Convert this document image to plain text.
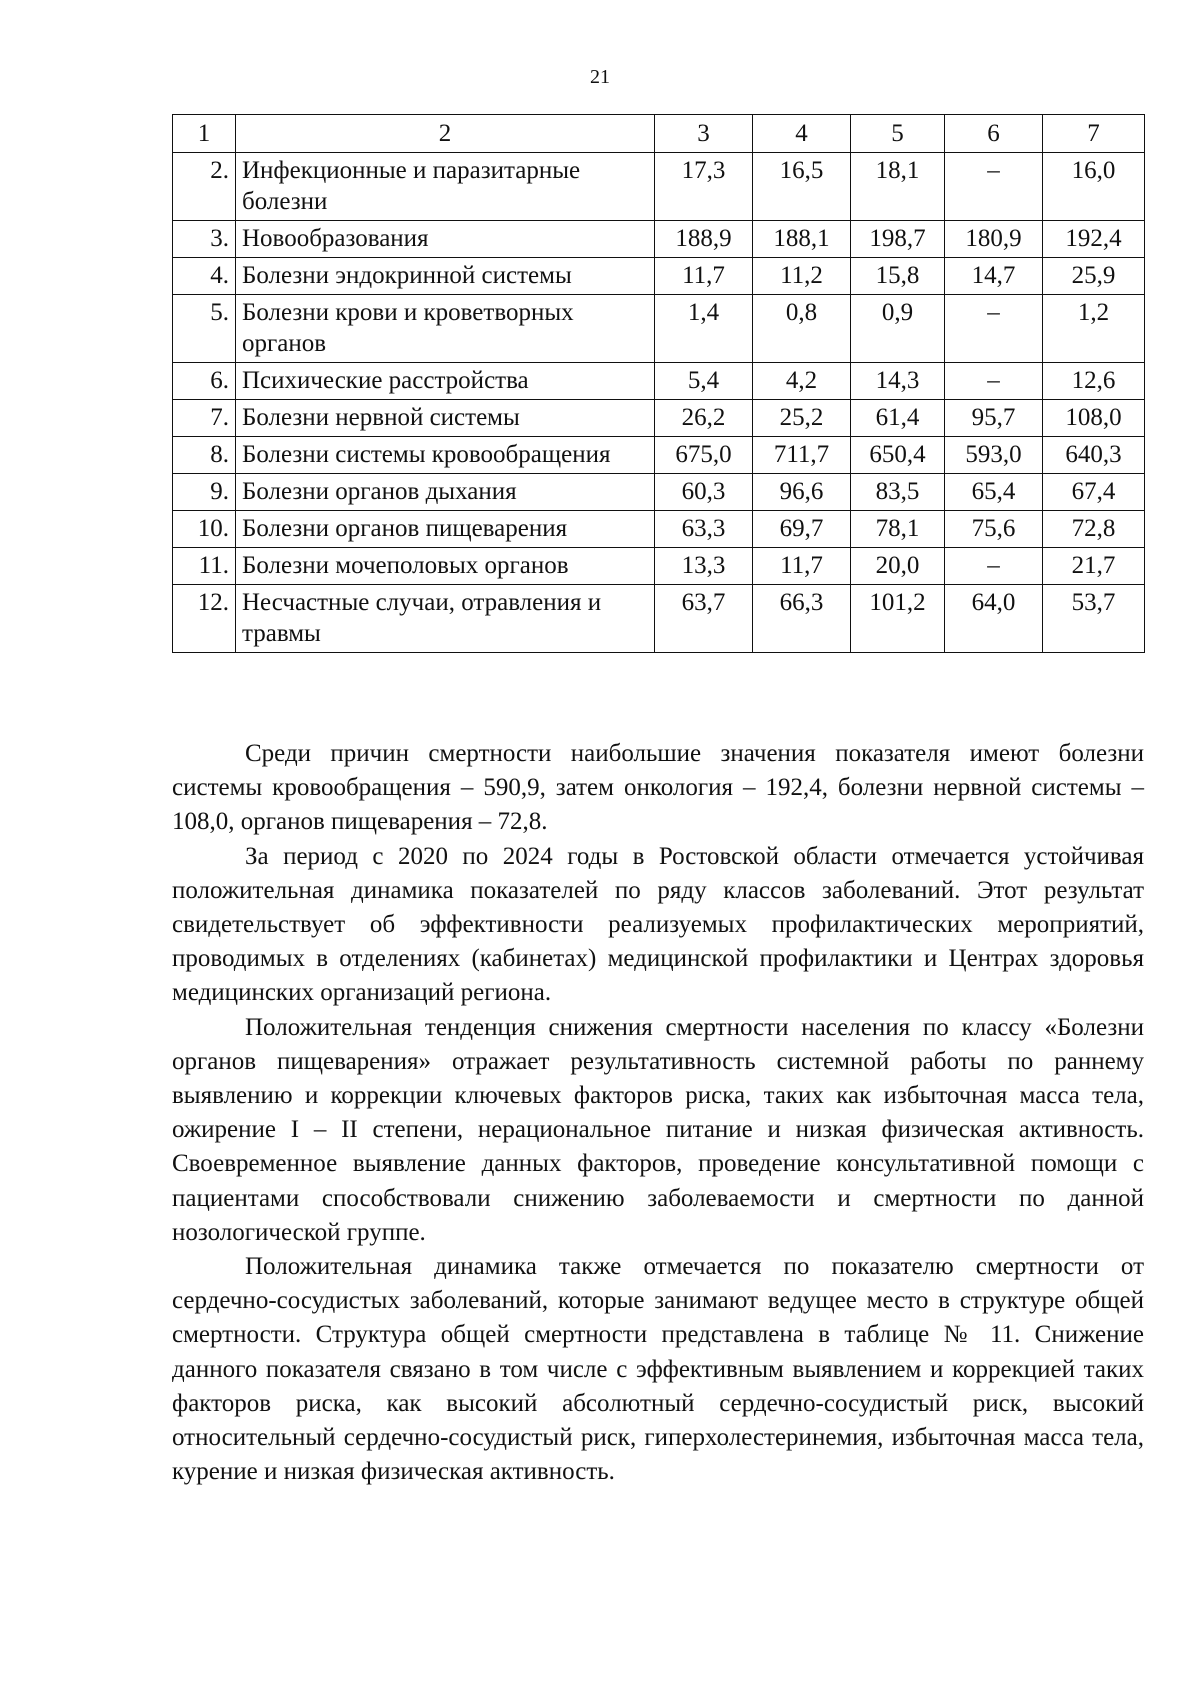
21
1	2	3	4	5	6	7
2.	Инфекционные и паразитарные болезни	17,3	16,5	18,1	–	16,0
3.	Новообразования	188,9	188,1	198,7	180,9	192,4
4.	Болезни эндокринной системы	11,7	11,2	15,8	14,7	25,9
5.	Болезни крови и кроветворных органов	1,4	0,8	0,9	–	1,2
6.	Психические расстройства	5,4	4,2	14,3	–	12,6
7.	Болезни нервной системы	26,2	25,2	61,4	95,7	108,0
8.	Болезни системы кровообращения	675,0	711,7	650,4	593,0	640,3
9.	Болезни органов дыхания	60,3	96,6	83,5	65,4	67,4
10.	Болезни органов пищеварения	63,3	69,7	78,1	75,6	72,8
11.	Болезни мочеполовых органов	13,3	11,7	20,0	–	21,7
12.	Несчастные случаи, отравления и травмы	63,7	66,3	101,2	64,0	53,7

Среди причин смертности наибольшие значения показателя имеют болезни системы кровообращения – 590,9, затем онкология – 192,4, болезни нервной системы – 108,0, органов пищеварения – 72,8.

За период с 2020 по 2024 годы в Ростовской области отмечается устойчивая положительная динамика показателей по ряду классов заболеваний. Этот результат свидетельствует об эффективности реализуемых профилактических мероприятий, проводимых в отделениях (кабинетах) медицинской профилактики и Центрах здоровья медицинских организаций региона.

Положительная тенденция снижения смертности населения по классу «Болезни органов пищеварения» отражает результативность системной работы по раннему выявлению и коррекции ключевых факторов риска, таких как избыточная масса тела, ожирение I – II степени, нерациональное питание и низкая физическая активность. Своевременное выявление данных факторов, проведение консультативной помощи с пациентами способствовали снижению заболеваемости и смертности по данной нозологической группе.

Положительная динамика также отмечается по показателю смертности от сердечно-сосудистых заболеваний, которые занимают ведущее место в структуре общей смертности. Структура общей смертности представлена в таблице № 11. Снижение данного показателя связано в том числе с эффективным выявлением и коррекцией таких факторов риска, как высокий абсолютный сердечно-сосудистый риск, высокий относительный сердечно-сосудистый риск, гиперхолестеринемия, избыточная масса тела, курение и низкая физическая активность.
